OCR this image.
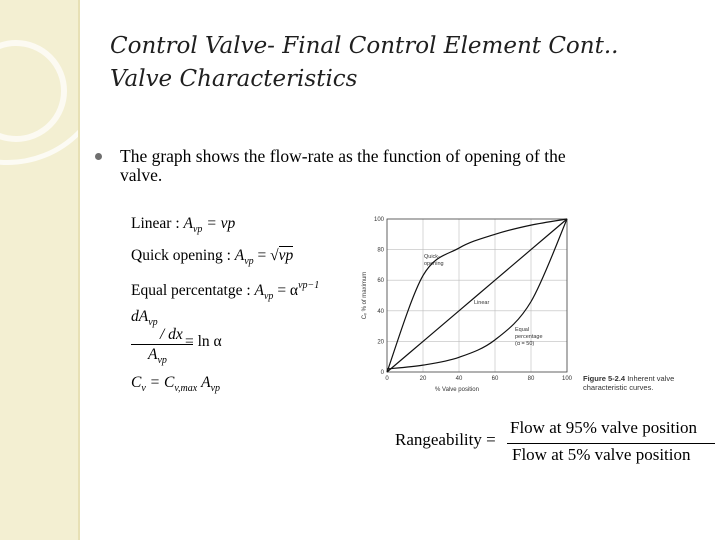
Control Valve- Final Control Element Cont.. Valve Characteristics
The graph shows the flow-rate as the function of opening of the valve.
Linear : $A_{vp}$ = vp
Quick opening : $A_{vp} = √vp$
Equal percentatge : $A_{vp} = \alpha^{vp-1}$
$dA_{vp}$
/ dx
$A_{vp}$
= ln α
$C_v = C_{v,max}$ $A_{vp}$
0	20	40	60	80	100
0
20
40
60
80
100
% Valve position
Cᵥ % of maximum
Quick-
opening
Linear
Equal
percentage
(α = 50)
Figure 5-2.4 Inherent valve characteristic curves.
Rangeability =
Flow at 95% valve position
Flow at 5% valve position
